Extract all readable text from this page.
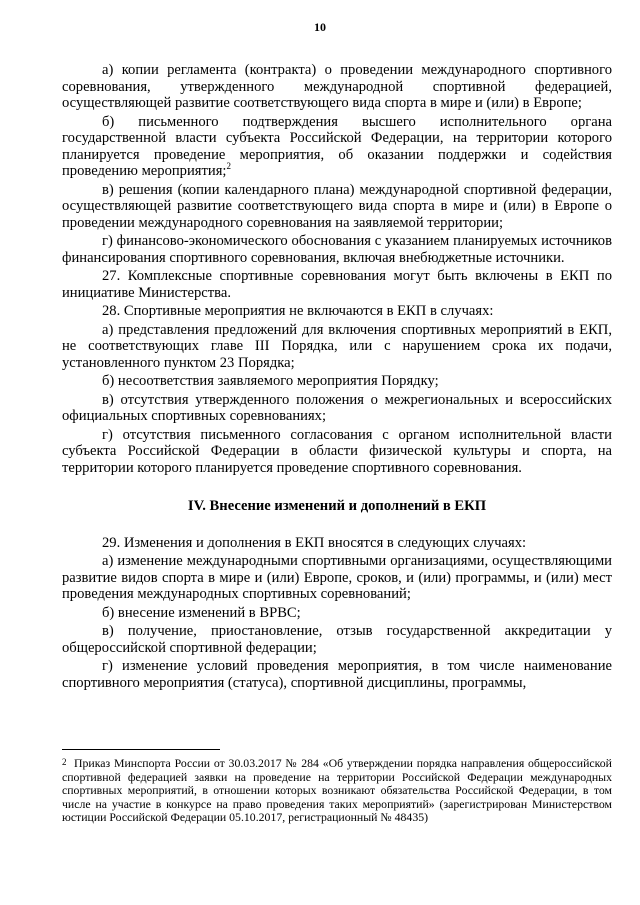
10

а) копии регламента (контракта) о проведении международного спортивного соревнования, утвержденного международной спортивной федерацией, осуществляющей развитие соответствующего вида спорта в мире и (или) в Европе;

б) письменного подтверждения высшего исполнительного органа государственной власти субъекта Российской Федерации, на территории которого планируется проведение мероприятия, об оказании поддержки и содействия проведению мероприятия;$^2$

в) решения (копии календарного плана) международной спортивной федерации, осуществляющей развитие соответствующего вида спорта в мире и (или) в Европе о проведении международного соревнования на заявляемой территории;

г) финансово-экономического обоснования с указанием планируемых источников финансирования спортивного соревнования, включая внебюджетные источники.

27. Комплексные спортивные соревнования могут быть включены в ЕКП по инициативе Министерства.

28. Спортивные мероприятия не включаются в ЕКП в случаях:

а) представления предложений для включения спортивных мероприятий в ЕКП, не соответствующих главе III Порядка, или с нарушением срока их подачи, установленного пунктом 23 Порядка;

б) несоответствия заявляемого мероприятия Порядку;

в) отсутствия утвержденного положения о межрегиональных и всероссийских официальных спортивных соревнованиях;

г) отсутствия письменного согласования с органом исполнительной власти субъекта Российской Федерации в области физической культуры и спорта, на территории которого планируется проведение спортивного соревнования.

IV. Внесение изменений и дополнений в ЕКП

29. Изменения и дополнения в ЕКП вносятся в следующих случаях:

а) изменение международными спортивными организациями, осуществляющими развитие видов спорта в мире и (или) Европе, сроков, и (или) программы, и (или) мест проведения международных спортивных соревнований;

б) внесение изменений в ВРВС;

в) получение, приостановление, отзыв государственной аккредитации у общероссийской спортивной федерации;

г) изменение условий проведения мероприятия, в том числе наименование спортивного мероприятия (статуса), спортивной дисциплины, программы,

2 Приказ Минспорта России от 30.03.2017 № 284 «Об утверждении порядка направления общероссийской спортивной федерацией заявки на проведение на территории Российской Федерации международных спортивных мероприятий, в отношении которых возникают обязательства Российской Федерации, в том числе на участие в конкурсе на право проведения таких мероприятий» (зарегистрирован Министерством юстиции Российской Федерации 05.10.2017, регистрационный № 48435)
